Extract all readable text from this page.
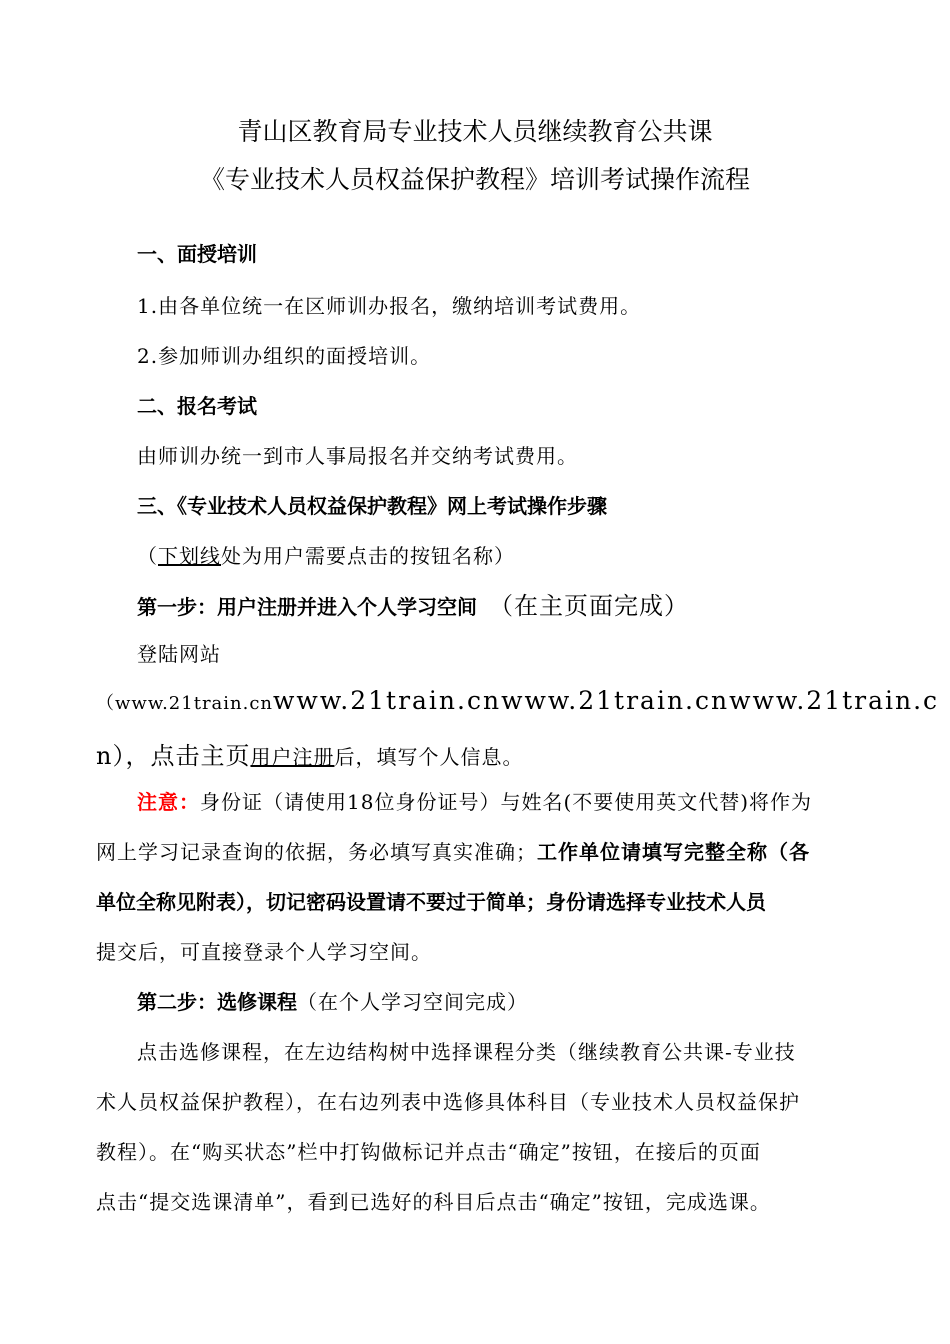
青山区教育局专业技术人员继续教育公共课
《专业技术人员权益保护教程》培训考试操作流程

一、面授培训

1.由各单位统一在区师训办报名，缴纳培训考试费用。

2.参加师训办组织的面授培训。

二、报名考试

由师训办统一到市人事局报名并交纳考试费用。

三、《专业技术人员权益保护教程》网上考试操作步骤

（下划线处为用户需要点击的按钮名称）

第一步：用户注册并进入个人学习空间 （在主页面完成）

登陆网站

（www.21train.cnwww.21train.cnwww.21train.cnwww.21train.c

n），点击主页用户注册后，填写个人信息。

注意：身份证（请使用18位身份证号）与姓名(不要使用英文代替)将作为

网上学习记录查询的依据，务必填写真实准确；工作单位请填写完整全称（各

单位全称见附表），切记密码设置请不要过于简单；身份请选择专业技术人员

提交后，可直接登录个人学习空间。

第二步：选修课程（在个人学习空间完成）

点击选修课程，在左边结构树中选择课程分类（继续教育公共课-专业技

术人员权益保护教程），在右边列表中选修具体科目（专业技术人员权益保护

教程）。在“购买状态”栏中打钩做标记并点击“确定”按钮，在接后的页面

点击“提交选课清单”，看到已选好的科目后点击“确定”按钮，完成选课。
